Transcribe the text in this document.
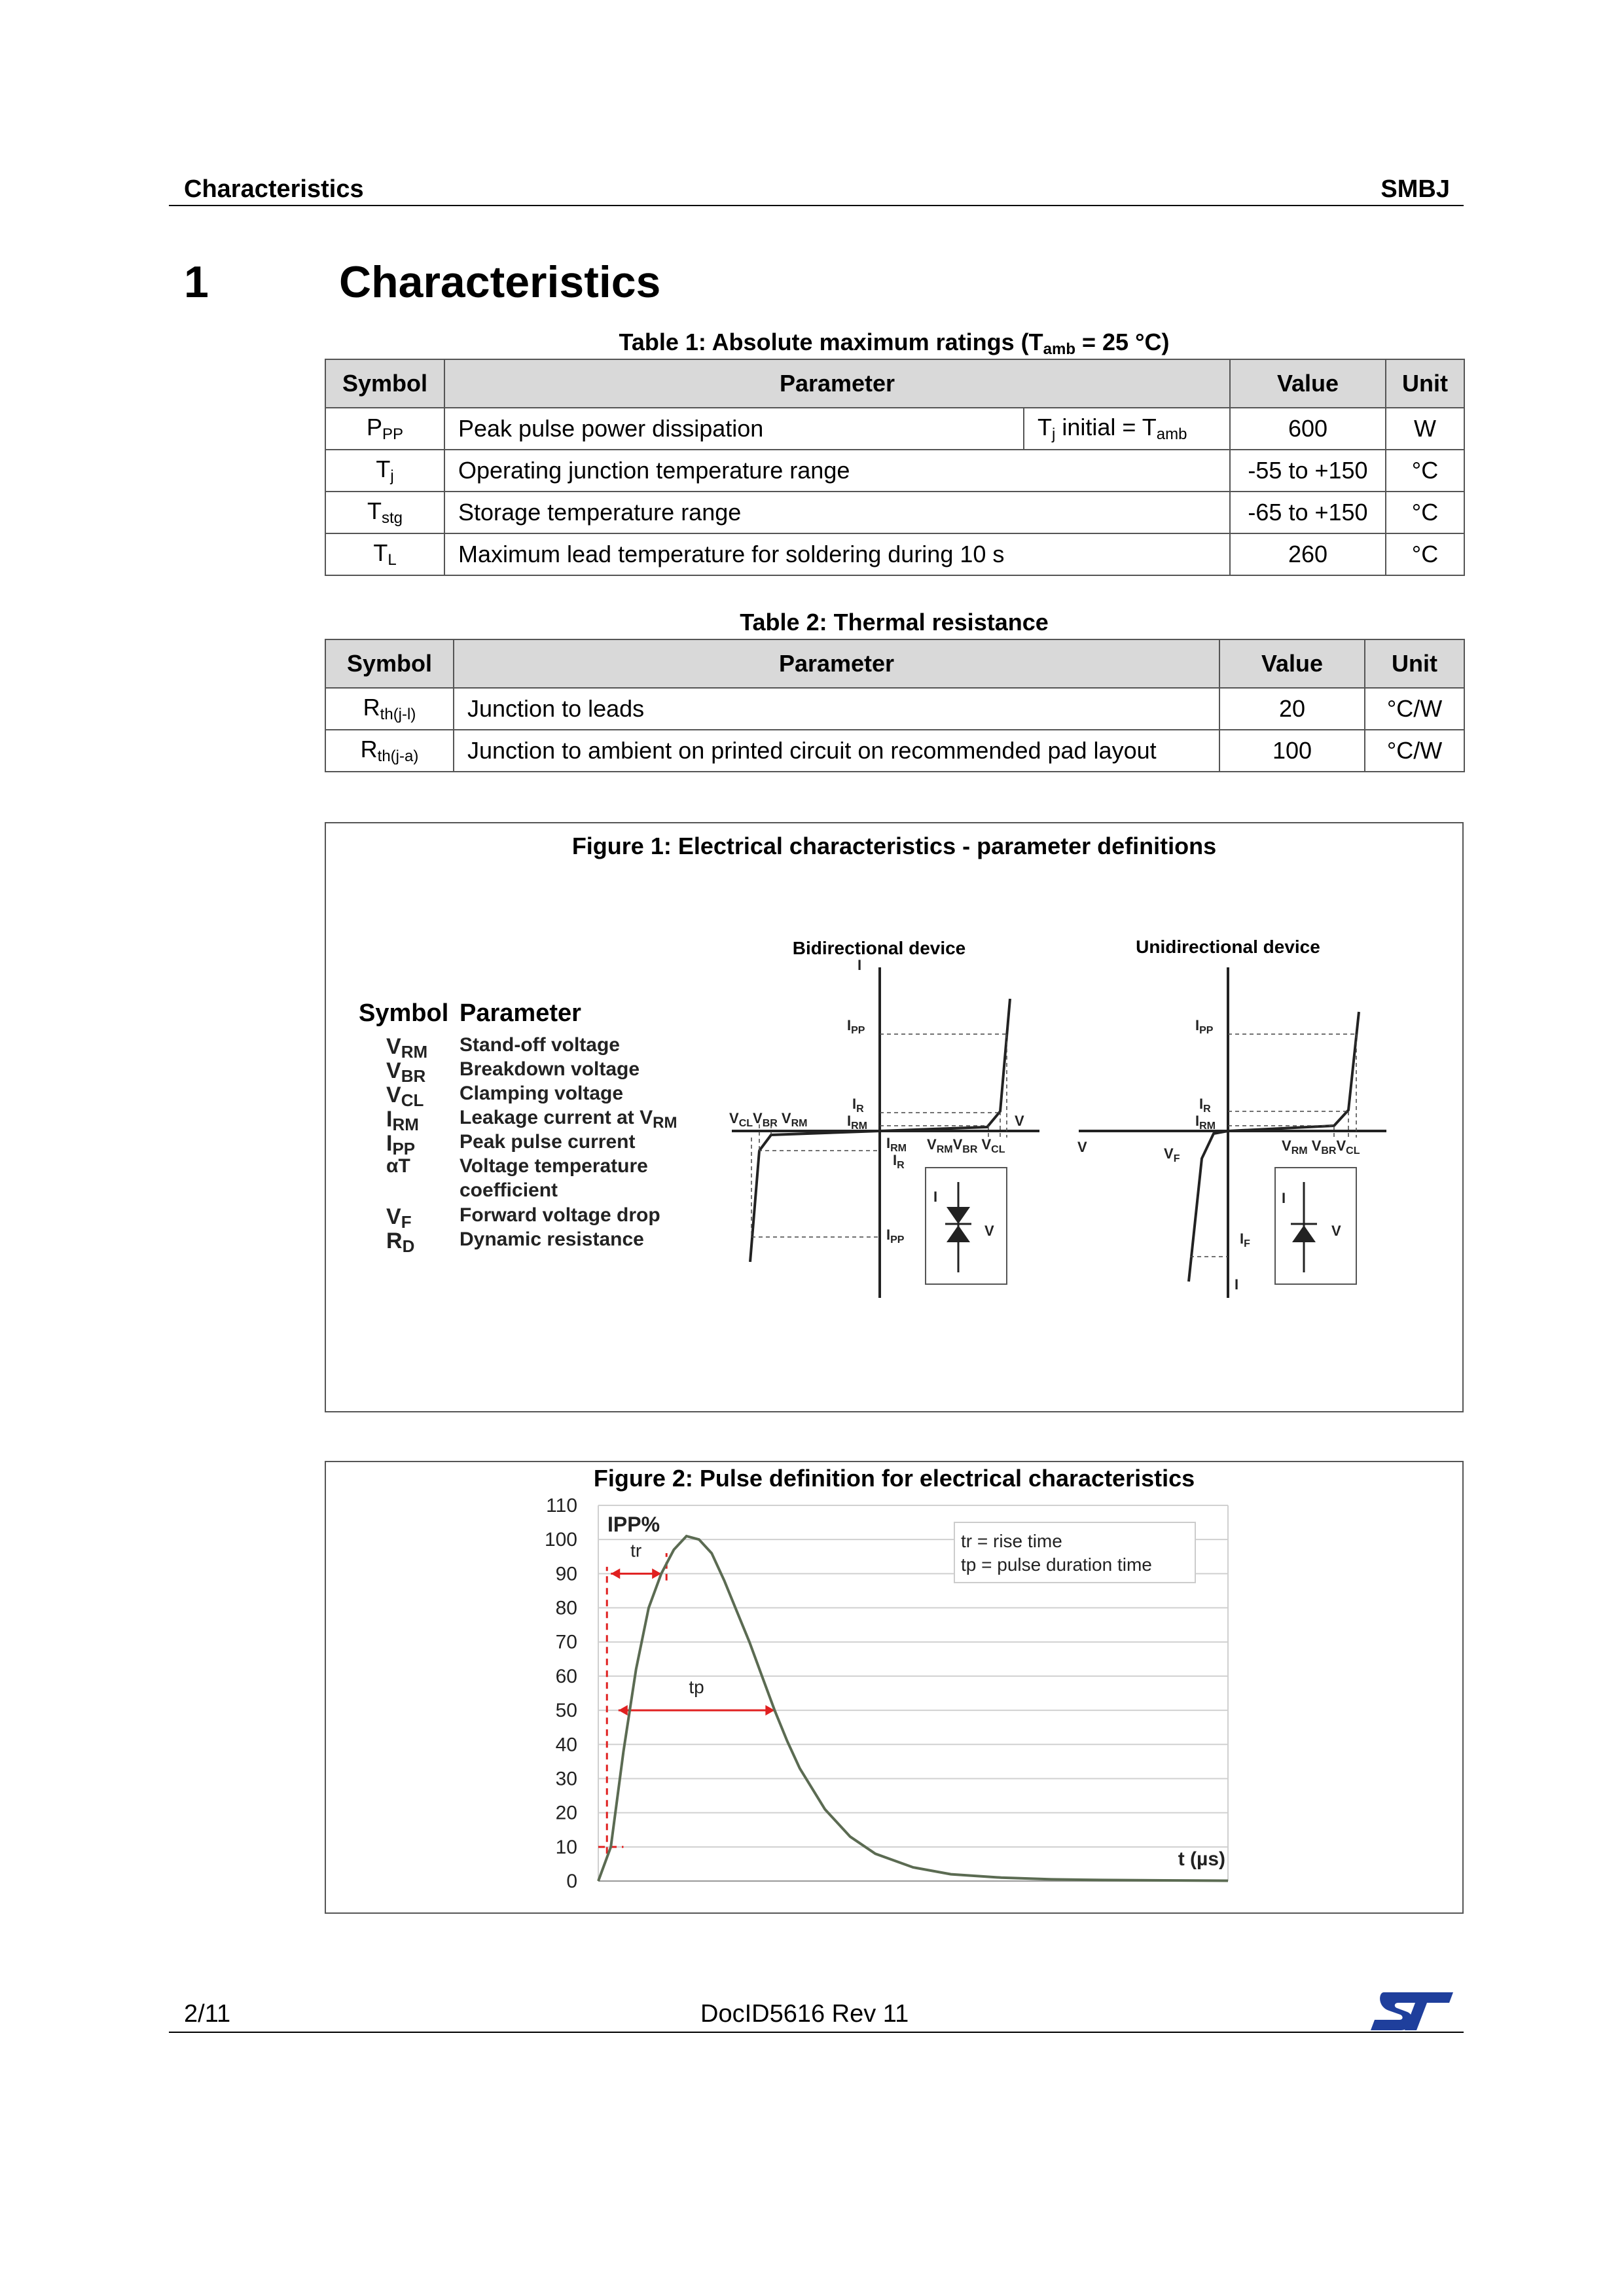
Characteristics	SMBJ
1	Characteristics
Table 1: Absolute maximum ratings ($T_{amb} = 25$ °C)
Symbol	Parameter		Value	Unit
$P_{PP}$	Peak pulse power dissipation	$T_j$ initial = $T_{amb}$	600	W
$T_j$	Operating junction temperature range		-55 to +150	°C
$T_{stg}$	Storage temperature range		-65 to +150	°C
$T_L$	Maximum lead temperature for soldering during 10 s		260	°C
Table 2: Thermal resistance
Symbol	Parameter	Value	Unit
$R_{th(j-l)}$	Junction to leads	20	°C/W
$R_{th(j-a)}$	Junction to ambient on printed circuit on recommended pad layout	100	°C/W
Figure 1: Electrical characteristics - parameter definitions
Symbol Parameter
VRM Stand-off voltage
VBR Breakdown voltage
VCL Clamping voltage
IRM Leakage current at $V_{RM}$
IPP Peak pulse current
αT	Voltage temperature
coefficient
VF Forward voltage drop
RD Dynamic resistance
Bidirectional device
I
V
$I_{PP}$
$I_R$
$I_{RM}$
$I_{RM}$
$I_R$
$I_{PP}$
$V_{CL}V_{BR}$ $V_{RM}$
$V_{RM}V_{BR}$ $V_{CL}$
I
V
Unidirectional device
$I_{PP}$
$I_R$
$I_{RM}$
V	$V_F$
$V_{RM}$ $V_{BR}V_{CL}$
$I_F$
I
I
V
Figure 2: Pulse definition for electrical characteristics
0
10
20
30
40
50
60
70
80
90
100
110
IPP%
t (µs)
tr = rise time
tp = pulse duration time
tr
tp
2/11	DocID5616 Rev 11
